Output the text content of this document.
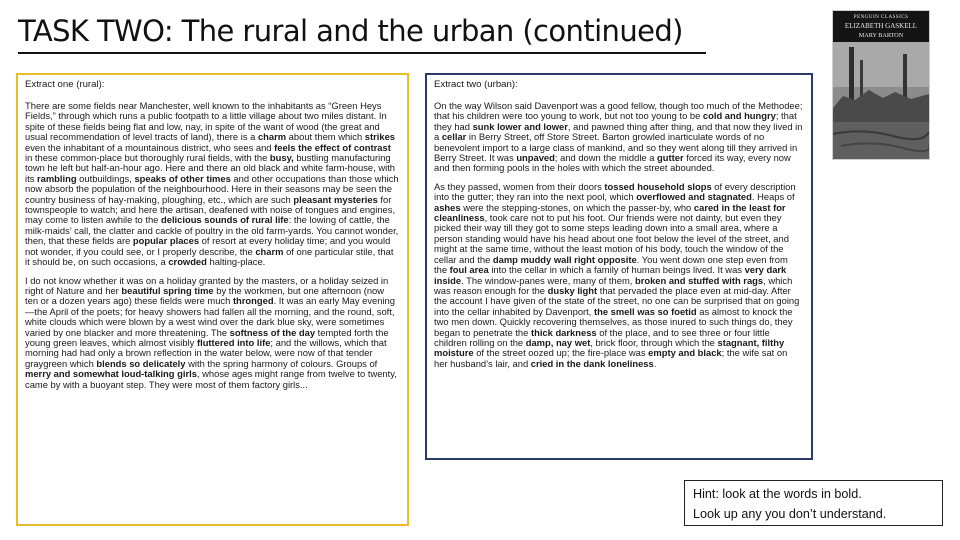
TASK TWO: The rural and the urban (continued)
Extract one (rural):

There are some fields near Manchester, well known to the inhabitants as “Green Heys Fields,” through which runs a public footpath to a little village about two miles distant. In spite of these fields being flat and low, nay, in spite of the want of wood (the great and usual recommendation of level tracts of land), there is a charm about them which strikes even the inhabitant of a mountainous district, who sees and feels the effect of contrast in these common-place but thoroughly rural fields, with the busy, bustling manufacturing town he left but half-an-hour ago. Here and there an old black and white farm-house, with its rambling outbuildings, speaks of other times and other occupations than those which now absorb the population of the neighbourhood. Here in their seasons may be seen the country business of hay-making, ploughing, etc., which are such pleasant mysteries for townspeople to watch; and here the artisan, deafened with noise of tongues and engines, may come to listen awhile to the delicious sounds of rural life: the lowing of cattle, the milk-maids’ call, the clatter and cackle of poultry in the old farm-yards. You cannot wonder, then, that these fields are popular places of resort at every holiday time; and you would not wonder, if you could see, or I properly describe, the charm of one particular stile, that it should be, on such occasions, a crowded halting-place.

I do not know whether it was on a holiday granted by the masters, or a holiday seized in right of Nature and her beautiful spring time by the workmen, but one afternoon (now ten or a dozen years ago) these fields were much thronged. It was an early May evening—the April of the poets; for heavy showers had fallen all the morning, and the round, soft, white clouds which were blown by a west wind over the dark blue sky, were sometimes varied by one blacker and more threatening. The softness of the day tempted forth the young green leaves, which almost visibly fluttered into life; and the willows, which that morning had had only a brown reflection in the water below, were now of that tender graygreen which blends so delicately with the spring harmony of colours. Groups of merry and somewhat loud-talking girls, whose ages might range from twelve to twenty, came by with a buoyant step. They were most of them factory girls...

Extract two (urban):

On the way Wilson said Davenport was a good fellow, though too much of the Methodee; that his children were too young to work, but not too young to be cold and hungry; that they had sunk lower and lower, and pawned thing after thing, and that now they lived in a cellar in Berry Street, off Store Street. Barton growled inarticulate words of no benevolent import to a large class of mankind, and so they went along till they arrived in Berry Street. It was unpaved; and down the middle a gutter forced its way, every now and then forming pools in the holes with which the street abounded.

As they passed, women from their doors tossed household slops of every description into the gutter; they ran into the next pool, which overflowed and stagnated. Heaps of ashes were the stepping-stones, on which the passer-by, who cared in the least for cleanliness, took care not to put his foot. Our friends were not dainty, but even they picked their way till they got to some steps leading down into a small area, where a person standing would have his head about one foot below the level of the street, and might at the same time, without the least motion of his body, touch the window of the cellar and the damp muddy wall right opposite. You went down one step even from the foul area into the cellar in which a family of human beings lived. It was very dark inside. The window-panes were, many of them, broken and stuffed with rags, which was reason enough for the dusky light that pervaded the place even at mid-day. After the account I have given of the state of the street, no one can be surprised that on going into the cellar inhabited by Davenport, the smell was so foetid as almost to knock the two men down. Quickly recovering themselves, as those inured to such things do, they began to penetrate the thick darkness of the place, and to see three or four little children rolling on the damp, nay wet, brick floor, through which the stagnant, filthy moisture of the street oozed up; the fire-place was empty and black; the wife sat on her husband’s lair, and cried in the dank loneliness.

PENGUIN CLASSICS
ELIZABETH GASKELL
MARY BARTON
Hint: look at the words in bold.
Look up any you don’t understand.
